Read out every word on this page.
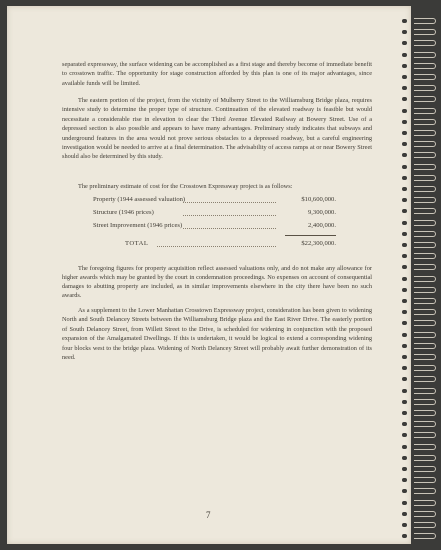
separated expressway, the surface widening can be accomplished as a first stage and thereby become of immediate benefit to crosstown traffic. The opportunity for stage construction afforded by this plan is one of its major advantages, since available funds will be limited.

The eastern portion of the project, from the vicinity of Mulberry Street to the Williamsburg Bridge plaza, requires intensive study to determine the proper type of structure. Continuation of the elevated roadway is feasible but would necessitate a considerable rise in elevation to clear the Third Avenue Elevated Railway at Bowery Street. Use of a depressed section is also possible and appears to have many advantages. Preliminary study indicates that subways and underground features in the area would not prove serious obstacles to a depressed roadway, but a careful engineering investigation would be needed to arrive at a final determination. The advisability of access ramps at or near Bowery Street should also be determined by this study.

The preliminary estimate of cost for the Crosstown Expressway project is as follows:

Property (1944 assessed valuation)	$10,600,000.
Structure (1946 prices)	9,300,000.
Street Improvement (1946 prices)	2,400,000.
TOTAL	$22,300,000.

The foregoing figures for property acquisition reflect assessed valuations only, and do not make any allowance for higher awards which may be granted by the court in condemnation proceedings. No expenses on account of consequential damages to abutting property are included, as in similar improvements elsewhere in the city there have been no such awards.

As a supplement to the Lower Manhattan Crosstown Expressway project, consideration has been given to widening North and South Delancey Streets between the Williamsburg Bridge plaza and the East River Drive. The easterly portion of South Delancey Street, from Willett Street to the Drive, is scheduled for widening in conjunction with the proposed expansion of the Amalgamated Dwellings. If this is undertaken, it would be logical to extend a corresponding widening four blocks west to the bridge plaza. Widening of North Delancey Street will probably await further demonstration of its need.

7
